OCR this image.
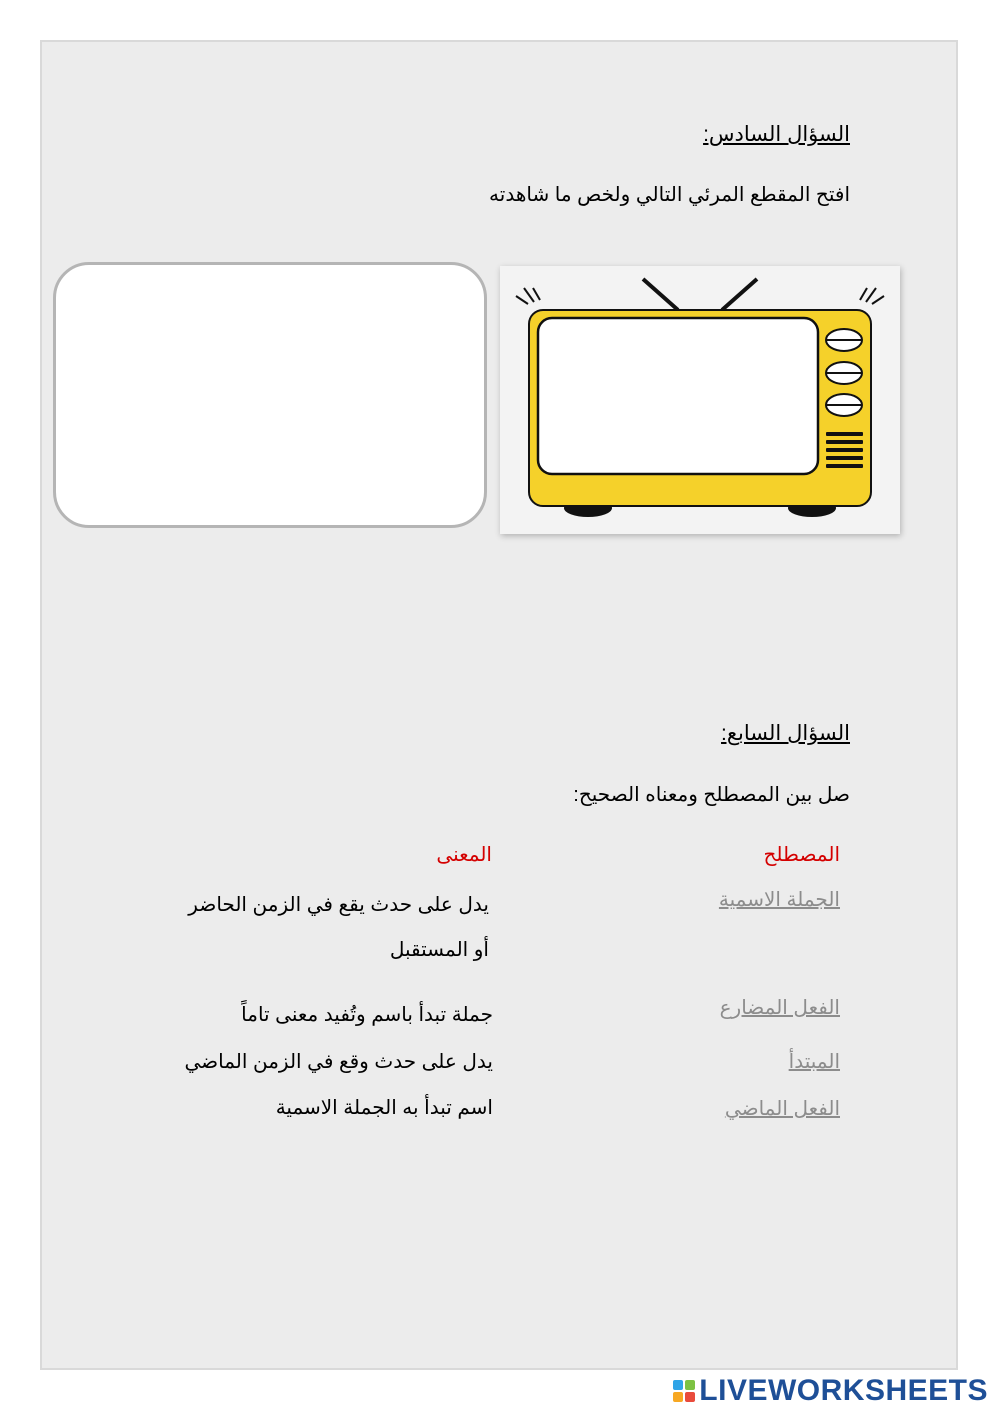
السؤال السادس:
افتح المقطع المرئي التالي ولخص ما شاهدته
السؤال السابع:
صل بين المصطلح ومعناه الصحيح:
المصطلح
المعنى
الجملة الاسمية
الفعل المضارع
المبتدأ
الفعل الماضي
يدل على حدث يقع في الزمن الحاضر
أو المستقبل
جملة تبدأ باسم وتُفيد معنى تاماً
يدل على حدث وقع في الزمن الماضي
اسم تبدأ به الجملة الاسمية
LIVEWORKSHEETS
